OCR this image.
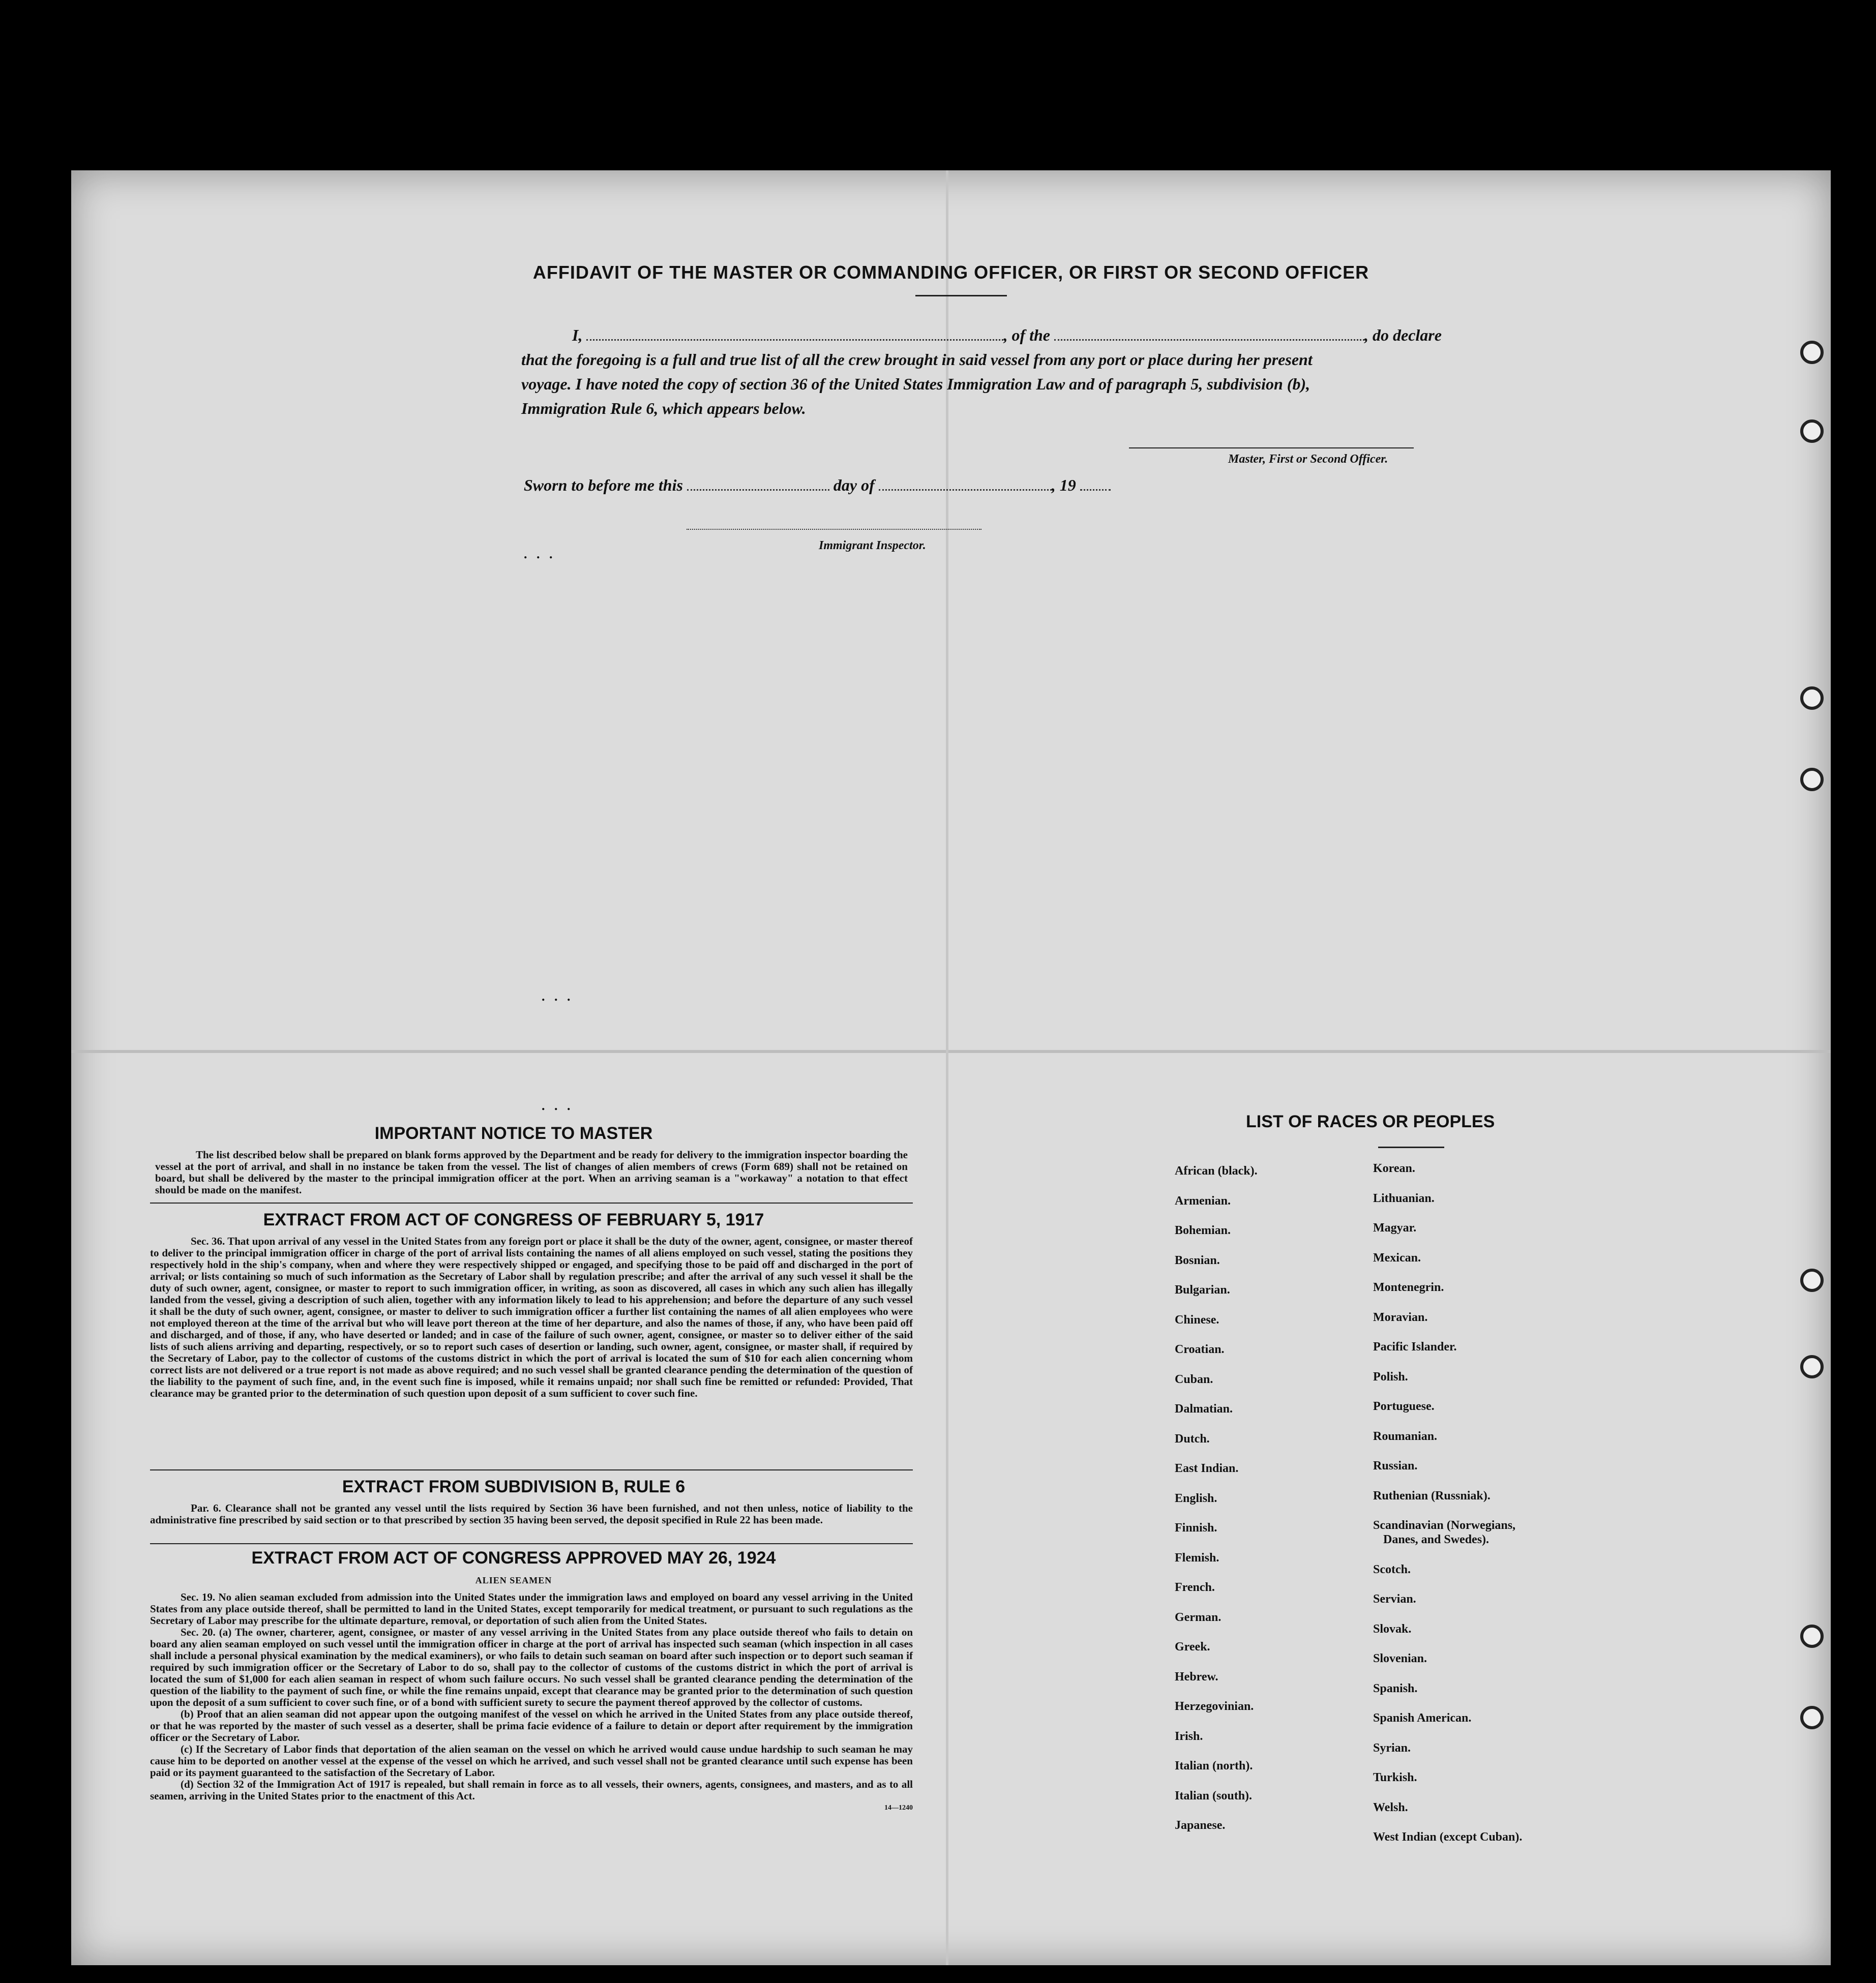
AFFIDAVIT OF THE MASTER OR COMMANDING OFFICER, OR FIRST OR SECOND OFFICER
I,	, of the	, do declare
that the foregoing is a full and true list of all the crew brought in said vessel from any port or place during her present
voyage. I have noted the copy of section 36 of the United States Immigration Law and of paragraph 5, subdivision (b),
Immigration Rule 6, which appears below.
Master, First or Second Officer.
Sworn to before me this	day of	, 19
Immigrant Inspector.
. . .
. . .
. . .
IMPORTANT NOTICE TO MASTER
The list described below shall be prepared on blank forms approved by the Department and be ready for delivery to the immigration inspector boarding the vessel at the port of arrival, and shall in no instance be taken from the vessel. The list of changes of alien members of crews (Form 689) shall not be retained on board, but shall be delivered by the master to the principal immigration officer at the port. When an arriving seaman is a "workaway" a notation to that effect should be made on the manifest.
EXTRACT FROM ACT OF CONGRESS OF FEBRUARY 5, 1917
Sec. 36. That upon arrival of any vessel in the United States from any foreign port or place it shall be the duty of the owner, agent, consignee, or master thereof to deliver to the principal immigration officer in charge of the port of arrival lists containing the names of all aliens employed on such vessel, stating the positions they respectively hold in the ship's company, when and where they were respectively shipped or engaged, and specifying those to be paid off and discharged in the port of arrival; or lists containing so much of such information as the Secretary of Labor shall by regulation prescribe; and after the arrival of any such vessel it shall be the duty of such owner, agent, consignee, or master to report to such immigration officer, in writing, as soon as discovered, all cases in which any such alien has illegally landed from the vessel, giving a description of such alien, together with any information likely to lead to his apprehension; and before the departure of any such vessel it shall be the duty of such owner, agent, consignee, or master to deliver to such immigration officer a further list containing the names of all alien employees who were not employed thereon at the time of the arrival but who will leave port thereon at the time of her departure, and also the names of those, if any, who have been paid off and discharged, and of those, if any, who have deserted or landed; and in case of the failure of such owner, agent, consignee, or master so to deliver either of the said lists of such aliens arriving and departing, respectively, or so to report such cases of desertion or landing, such owner, agent, consignee, or master shall, if required by the Secretary of Labor, pay to the collector of customs of the customs district in which the port of arrival is located the sum of $10 for each alien concerning whom correct lists are not delivered or a true report is not made as above required; and no such vessel shall be granted clearance pending the determination of the question of the liability to the payment of such fine, and, in the event such fine is imposed, while it remains unpaid; nor shall such fine be remitted or refunded: Provided, That clearance may be granted prior to the determination of such question upon deposit of a sum sufficient to cover such fine.
EXTRACT FROM SUBDIVISION B, RULE 6
Par. 6. Clearance shall not be granted any vessel until the lists required by Section 36 have been furnished, and not then unless, notice of liability to the administrative fine prescribed by said section or to that prescribed by section 35 having been served, the deposit specified in Rule 22 has been made.
EXTRACT FROM ACT OF CONGRESS APPROVED MAY 26, 1924
ALIEN SEAMEN
Sec. 19. No alien seaman excluded from admission into the United States under the immigration laws and employed on board any vessel arriving in the United States from any place outside thereof, shall be permitted to land in the United States, except temporarily for medical treatment, or pursuant to such regulations as the Secretary of Labor may prescribe for the ultimate departure, removal, or deportation of such alien from the United States.
Sec. 20. (a) The owner, charterer, agent, consignee, or master of any vessel arriving in the United States from any place outside thereof who fails to detain on board any alien seaman employed on such vessel until the immigration officer in charge at the port of arrival has inspected such seaman (which inspection in all cases shall include a personal physical examination by the medical examiners), or who fails to detain such seaman on board after such inspection or to deport such seaman if required by such immigration officer or the Secretary of Labor to do so, shall pay to the collector of customs of the customs district in which the port of arrival is located the sum of $1,000 for each alien seaman in respect of whom such failure occurs. No such vessel shall be granted clearance pending the determination of the question of the liability to the payment of such fine, or while the fine remains unpaid, except that clearance may be granted prior to the determination of such question upon the deposit of a sum sufficient to cover such fine, or of a bond with sufficient surety to secure the payment thereof approved by the collector of customs.
(b) Proof that an alien seaman did not appear upon the outgoing manifest of the vessel on which he arrived in the United States from any place outside thereof, or that he was reported by the master of such vessel as a deserter, shall be prima facie evidence of a failure to detain or deport after requirement by the immigration officer or the Secretary of Labor.
(c) If the Secretary of Labor finds that deportation of the alien seaman on the vessel on which he arrived would cause undue hardship to such seaman he may cause him to be deported on another vessel at the expense of the vessel on which he arrived, and such vessel shall not be granted clearance until such expense has been paid or its payment guaranteed to the satisfaction of the Secretary of Labor.
(d) Section 32 of the Immigration Act of 1917 is repealed, but shall remain in force as to all vessels, their owners, agents, consignees, and masters, and as to all seamen, arriving in the United States prior to the enactment of this Act.
14—1240
LIST OF RACES OR PEOPLES
African (black).
Armenian.
Bohemian.
Bosnian.
Bulgarian.
Chinese.
Croatian.
Cuban.
Dalmatian.
Dutch.
East Indian.
English.
Finnish.
Flemish.
French.
German.
Greek.
Hebrew.
Herzegovinian.
Irish.
Italian (north).
Italian (south).
Japanese.
Korean.
Lithuanian.
Magyar.
Mexican.
Montenegrin.
Moravian.
Pacific Islander.
Polish.
Portuguese.
Roumanian.
Russian.
Ruthenian (Russniak).
Scandinavian (Norwegians,
Danes, and Swedes).
Scotch.
Servian.
Slovak.
Slovenian.
Spanish.
Spanish American.
Syrian.
Turkish.
Welsh.
West Indian (except Cuban).
